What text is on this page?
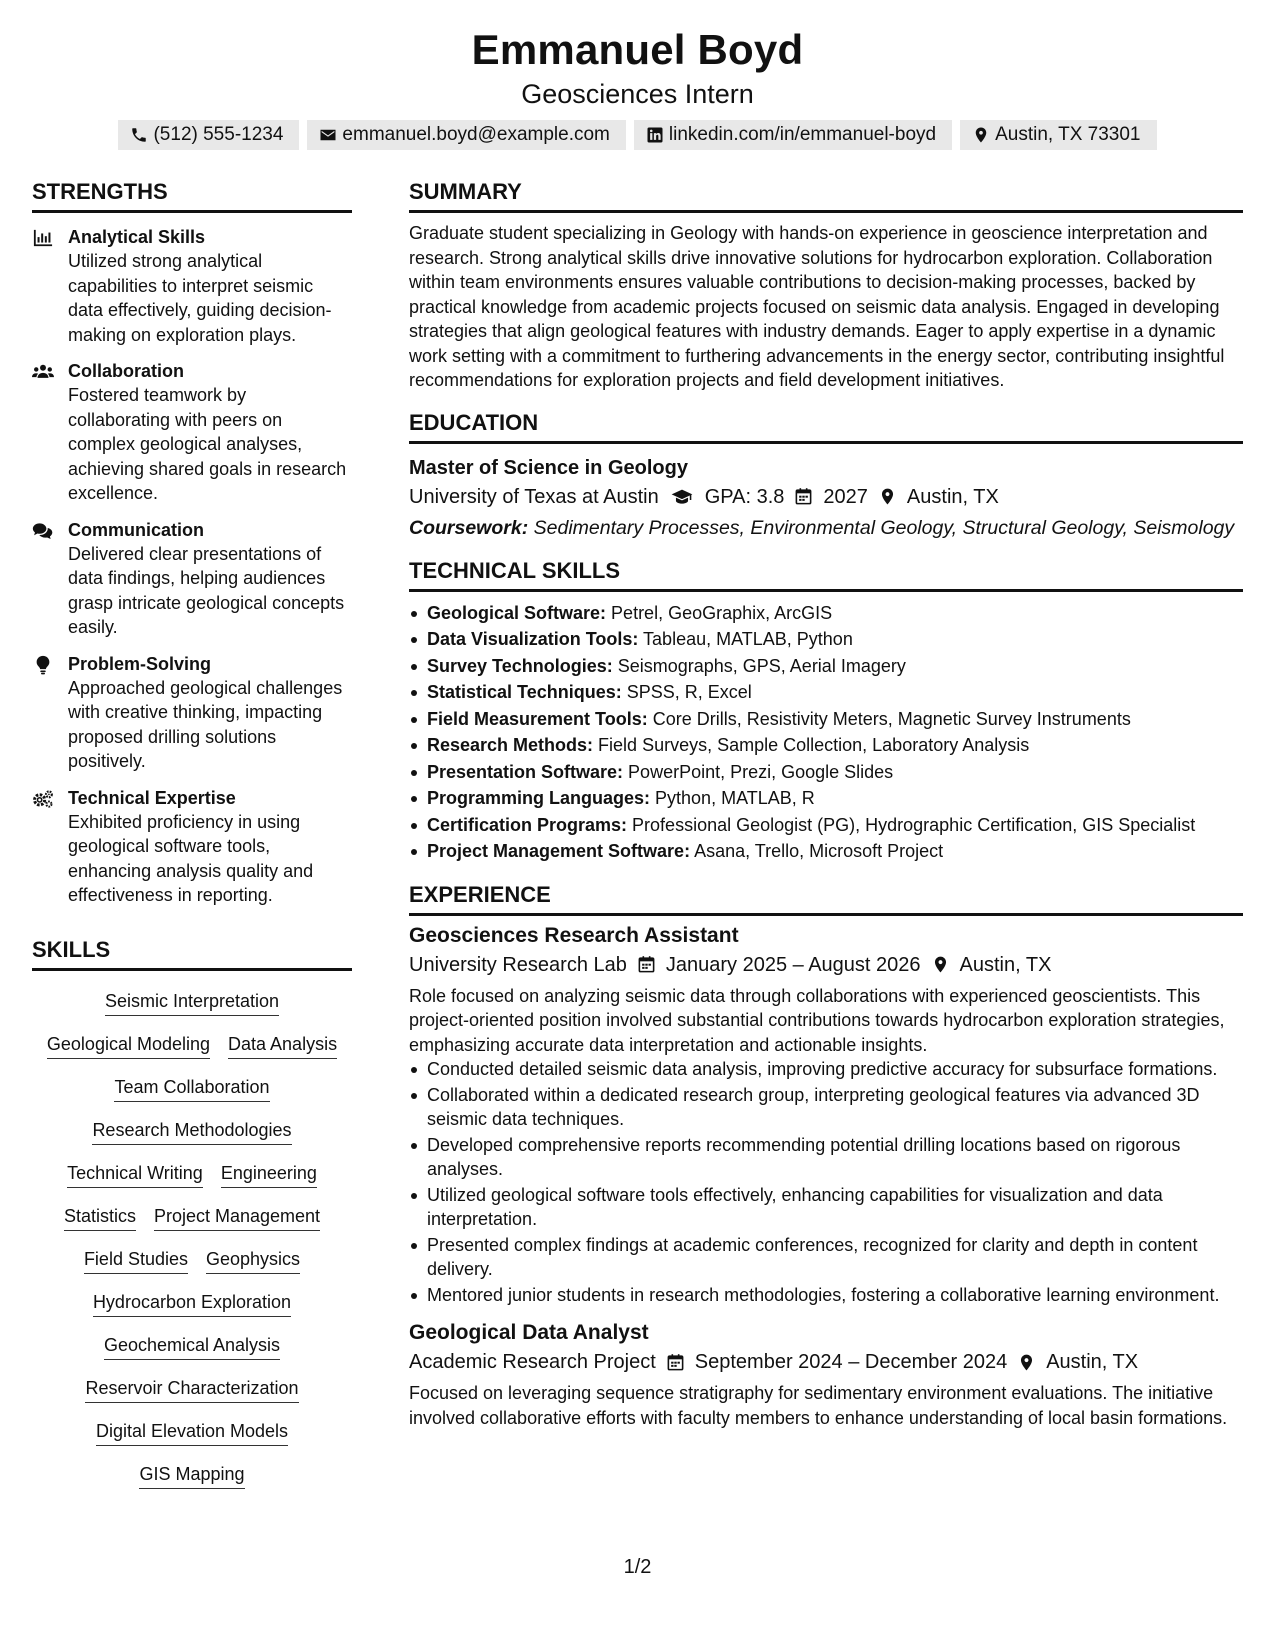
Emmanuel Boyd
Geosciences Intern
(512) 555-1234	emmanuel.boyd@example.com	linkedin.com/in/emmanuel-boyd	Austin, TX 73301
STRENGTHS
Analytical Skills
Utilized strong analytical capabilities to interpret seismic data effectively, guiding decision-making on exploration plays.
Collaboration
Fostered teamwork by collaborating with peers on complex geological analyses, achieving shared goals in research excellence.
Communication
Delivered clear presentations of data findings, helping audiences grasp intricate geological concepts easily.
Problem-Solving
Approached geological challenges with creative thinking, impacting proposed drilling solutions positively.
Technical Expertise
Exhibited proficiency in using geological software tools, enhancing analysis quality and effectiveness in reporting.
SKILLS
Seismic Interpretation
Geological Modeling Data Analysis
Team Collaboration
Research Methodologies
Technical Writing Engineering
Statistics Project Management
Field Studies Geophysics
Hydrocarbon Exploration
Geochemical Analysis
Reservoir Characterization
Digital Elevation Models
GIS Mapping
SUMMARY
Graduate student specializing in Geology with hands-on experience in geoscience interpretation and research. Strong analytical skills drive innovative solutions for hydrocarbon exploration. Collaboration within team environments ensures valuable contributions to decision-making processes, backed by practical knowledge from academic projects focused on seismic data analysis. Engaged in developing strategies that align geological features with industry demands. Eager to apply expertise in a dynamic work setting with a commitment to furthering advancements in the energy sector, contributing insightful recommendations for exploration projects and field development initiatives.
EDUCATION
Master of Science in Geology
University of Texas at Austin GPA: 3.8 2027 Austin, TX
Coursework: Sedimentary Processes, Environmental Geology, Structural Geology, Seismology
TECHNICAL SKILLS
Geological Software: Petrel, GeoGraphix, ArcGIS
Data Visualization Tools: Tableau, MATLAB, Python
Survey Technologies: Seismographs, GPS, Aerial Imagery
Statistical Techniques: SPSS, R, Excel
Field Measurement Tools: Core Drills, Resistivity Meters, Magnetic Survey Instruments
Research Methods: Field Surveys, Sample Collection, Laboratory Analysis
Presentation Software: PowerPoint, Prezi, Google Slides
Programming Languages: Python, MATLAB, R
Certification Programs: Professional Geologist (PG), Hydrographic Certification, GIS Specialist
Project Management Software: Asana, Trello, Microsoft Project
EXPERIENCE
Geosciences Research Assistant
University Research Lab January 2025 – August 2026 Austin, TX
Role focused on analyzing seismic data through collaborations with experienced geoscientists. This project-oriented position involved substantial contributions towards hydrocarbon exploration strategies, emphasizing accurate data interpretation and actionable insights.
Conducted detailed seismic data analysis, improving predictive accuracy for subsurface formations.
Collaborated within a dedicated research group, interpreting geological features via advanced 3D seismic data techniques.
Developed comprehensive reports recommending potential drilling locations based on rigorous analyses.
Utilized geological software tools effectively, enhancing capabilities for visualization and data interpretation.
Presented complex findings at academic conferences, recognized for clarity and depth in content delivery.
Mentored junior students in research methodologies, fostering a collaborative learning environment.
Geological Data Analyst
Academic Research Project September 2024 – December 2024 Austin, TX
Focused on leveraging sequence stratigraphy for sedimentary environment evaluations. The initiative involved collaborative efforts with faculty members to enhance understanding of local basin formations.
1/2
